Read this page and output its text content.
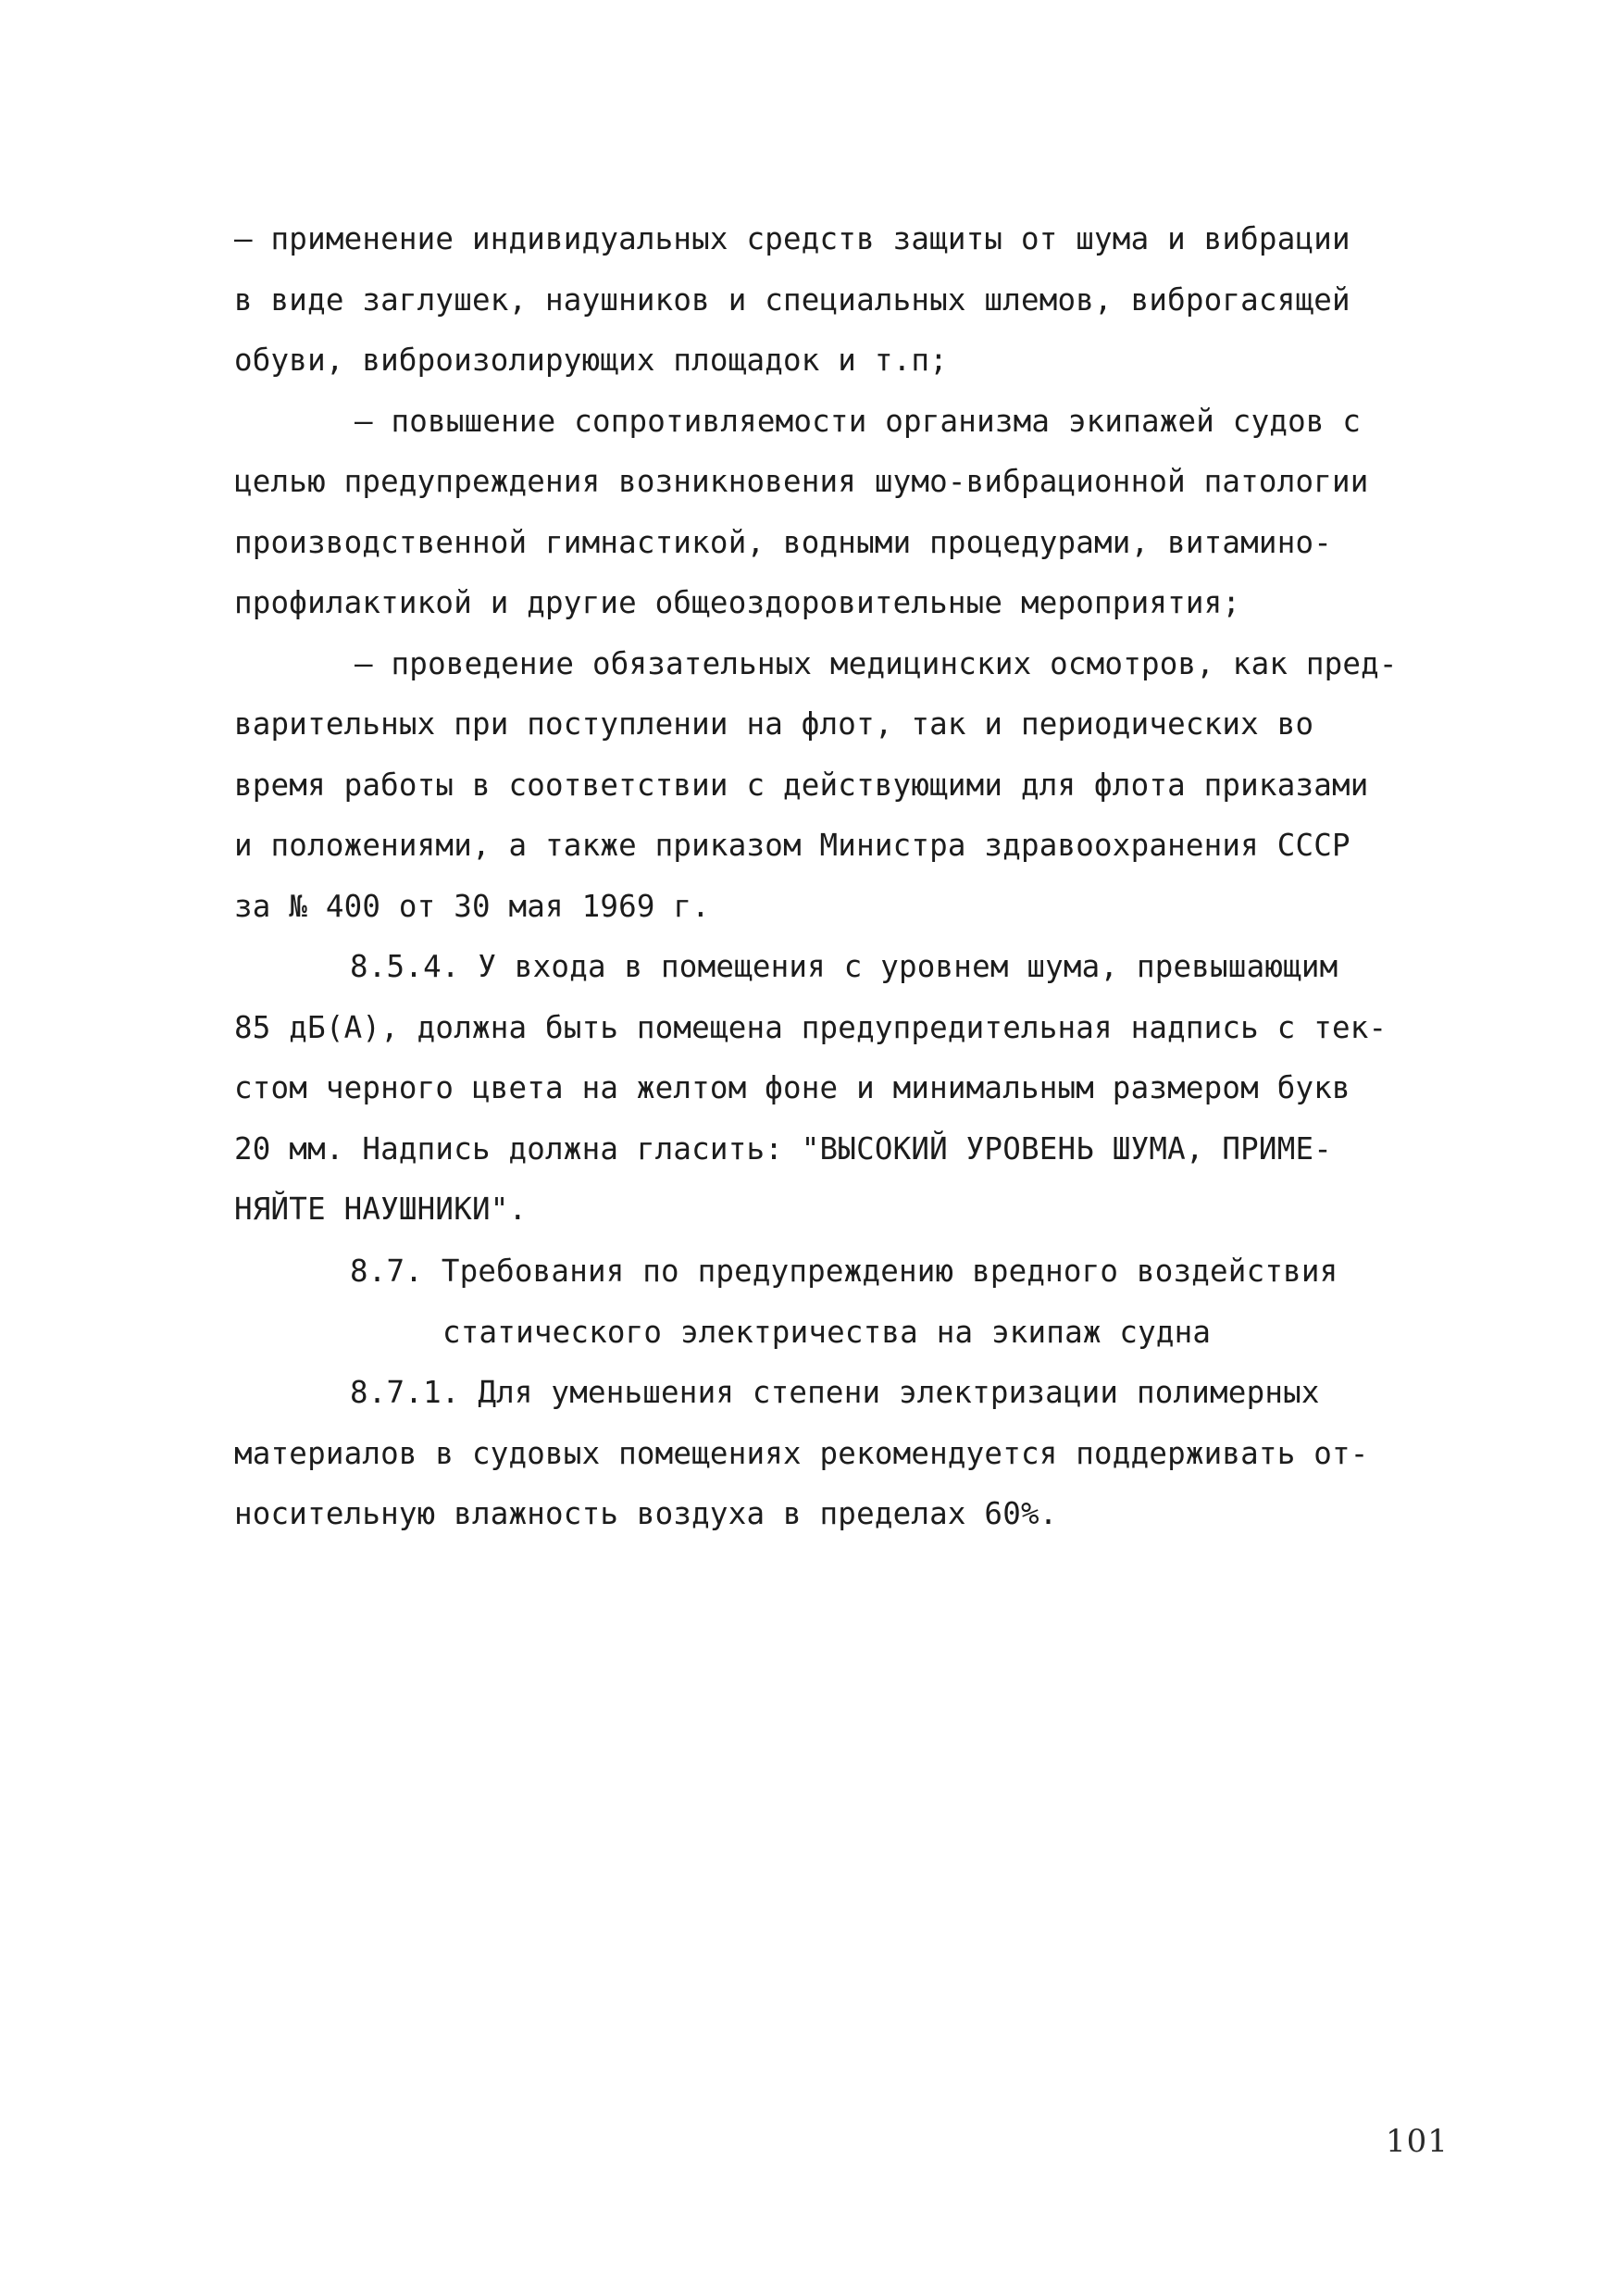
– применение индивидуальных средств защиты от шума и вибрации
в виде заглушек, наушников и специальных шлемов, виброгасящей
обуви, виброизолирующих площадок и т.п;
– повышение сопротивляемости организма экипажей судов с
целью предупреждения возникновения шумо-вибрационной патологии
производственной гимнастикой, водными процедурами, витамино-
профилактикой и другие общеоздоровительные мероприятия;
– проведение обязательных медицинских осмотров, как пред-
варительных при поступлении на флот, так и периодических во
время работы в соответствии с действующими для флота приказами
и положениями, а также приказом Министра здравоохранения СССР
за № 400 от 30 мая 1969 г.
8.5.4. У входа в помещения с уровнем шума, превышающим
85 дБ(А), должна быть помещена предупредительная надпись с тек-
стом черного цвета на желтом фоне и минимальным размером букв
20 мм. Надпись должна гласить: "ВЫСОКИЙ УРОВЕНЬ ШУМА, ПРИМЕ-
НЯЙТЕ НАУШНИКИ".
8.7. Требования по предупреждению вредного воздействия
статического электричества на экипаж судна
8.7.1. Для уменьшения степени электризации полимерных
материалов в судовых помещениях рекомендуется поддерживать от-
носительную влажность воздуха в пределах 60%.
101
